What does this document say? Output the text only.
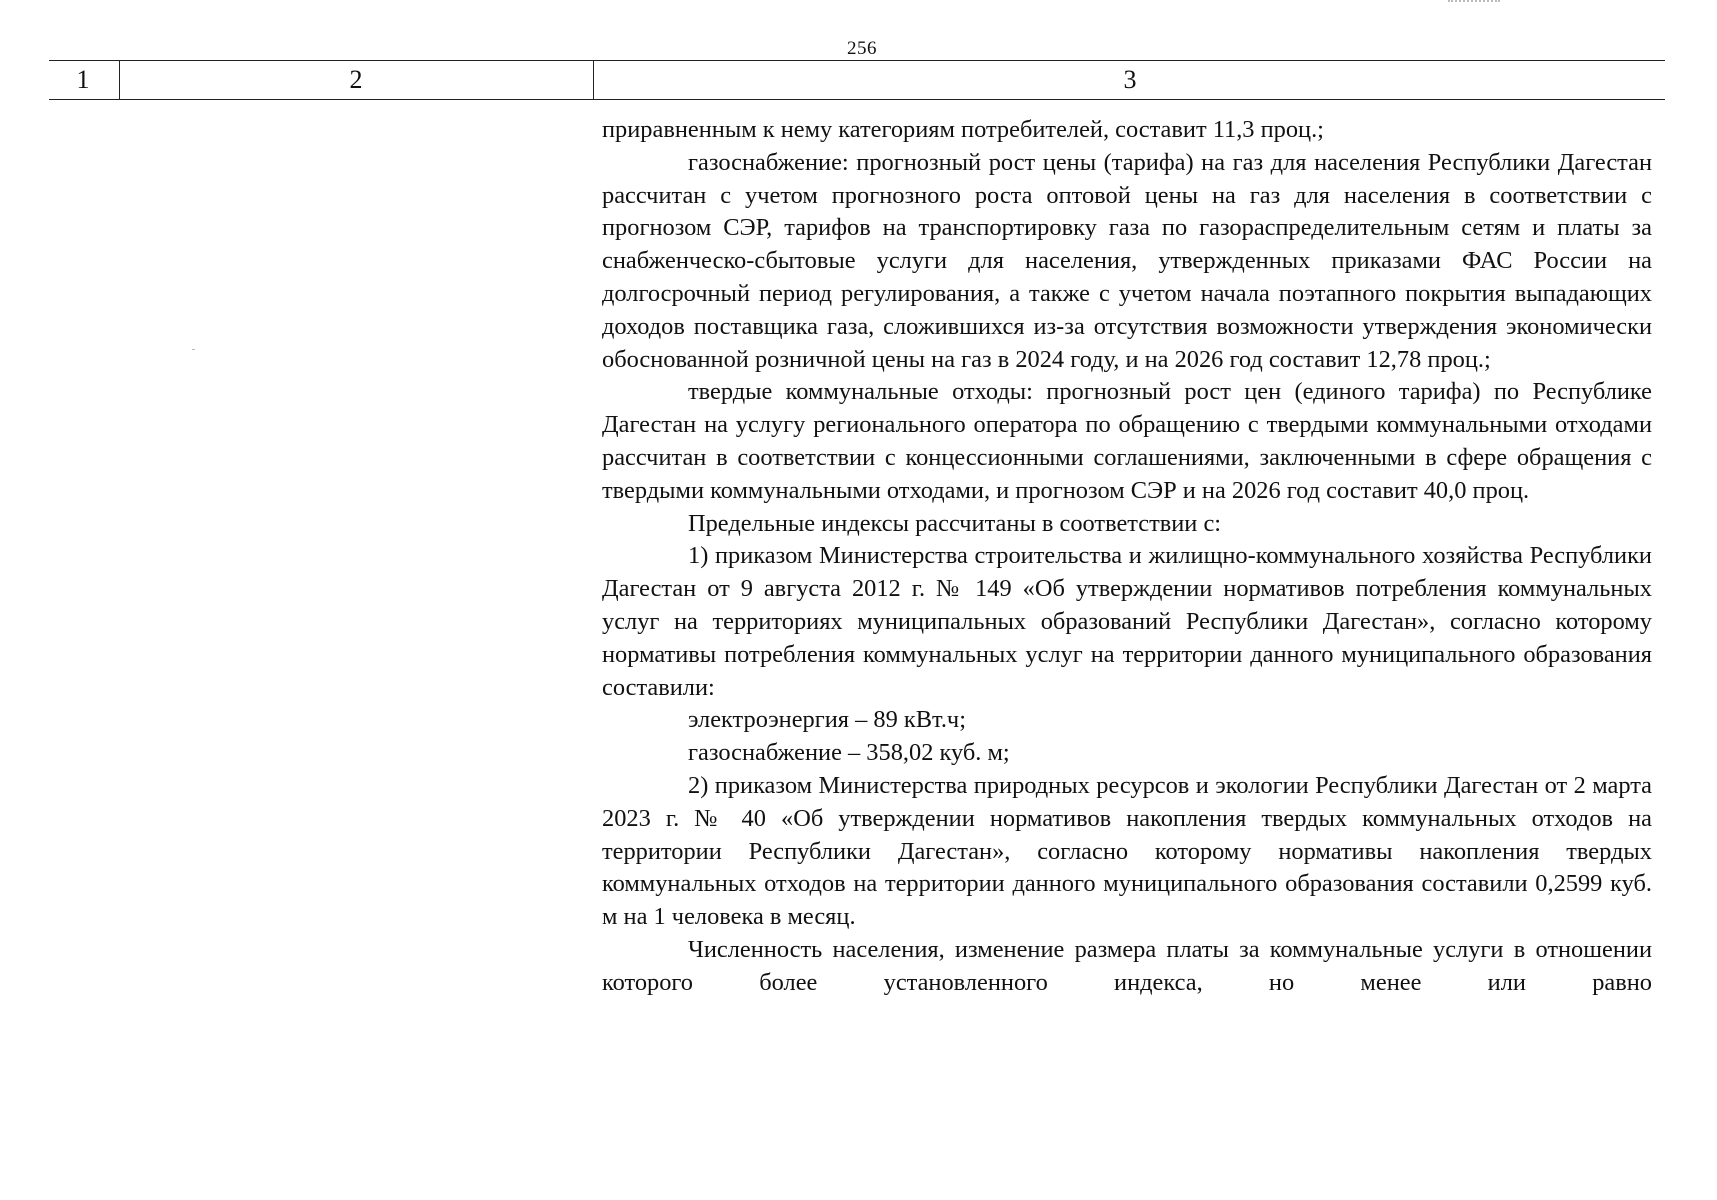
256
1	2	3

приравненным к нему категориям потребителей, составит 11,3 проц.;

газоснабжение: прогнозный рост цены (тарифа) на газ для населения Республики Дагестан рассчитан с учетом прогнозного роста оптовой цены на газ для населения в соответствии с прогнозом СЭР, тарифов на транспортировку газа по газораспределительным сетям и платы за снабженческо-сбытовые услуги для населения, утвержденных приказами ФАС России на долгосрочный период регулирования, а также с учетом начала поэтапного покрытия выпадающих доходов поставщика газа, сложившихся из-за отсутствия возможности утверждения экономически обоснованной розничной цены на газ в 2024 году, и на 2026 год составит 12,78 проц.;

твердые коммунальные отходы: прогнозный рост цен (единого тарифа) по Республике Дагестан на услугу регионального оператора по обращению с твердыми коммунальными отходами рассчитан в соответствии с концессионными соглашениями, заключенными в сфере обращения с твердыми коммунальными отходами, и прогнозом СЭР и на 2026 год составит 40,0 проц.

Предельные индексы рассчитаны в соответствии с:

1) приказом Министерства строительства и жилищно-коммунального хозяйства Республики Дагестан от 9 августа 2012 г. № 149 «Об утверждении нормативов потребления коммунальных услуг на территориях муниципальных образований Республики Дагестан», согласно которому нормативы потребления коммунальных услуг на территории данного муниципального образования составили:

электроэнергия – 89 кВт.ч;

газоснабжение – 358,02 куб. м;

2) приказом Министерства природных ресурсов и экологии Республики Дагестан от 2 марта 2023 г. № 40 «Об утверждении нормативов накопления твердых коммунальных отходов на территории Республики Дагестан», согласно которому нормативы накопления твердых коммунальных отходов на территории данного муниципального образования составили 0,2599 куб. м на 1 человека в месяц.

Численность населения, изменение размера платы за коммунальные услуги в отношении которого более установленного индекса, но менее или равно
